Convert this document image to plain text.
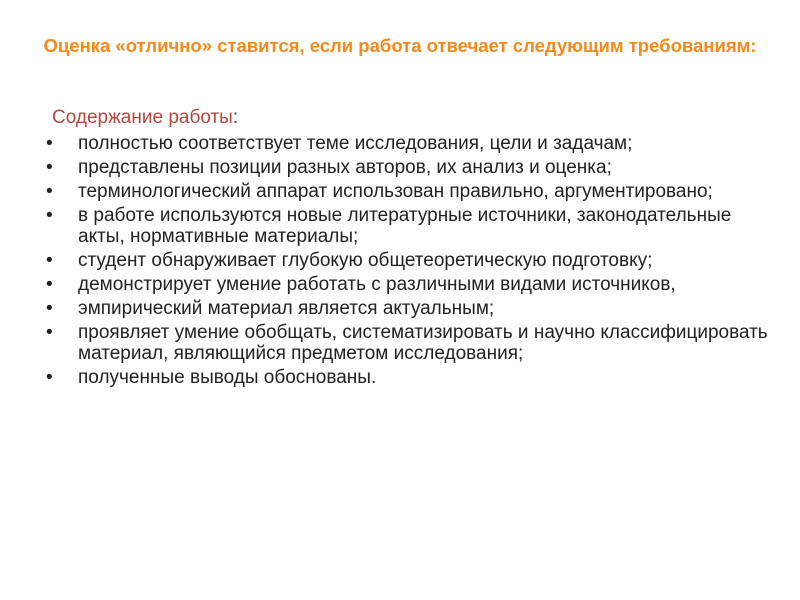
Оценка «отлично» ставится, если работа отвечает следующим требованиям:

Содержание работы:

• полностью соответствует теме исследования, цели и задачам;
• представлены позиции разных авторов, их анализ и оценка;
• терминологический аппарат использован правильно, аргументировано;
• в работе используются новые литературные источники, законодательные акты, нормативные материалы;
• студент обнаруживает глубокую общетеоретическую подготовку;
• демонстрирует умение работать с различными видами источников,
• эмпирический материал является актуальным;
• проявляет умение обобщать, систематизировать и научно классифицировать материал, являющийся предметом исследования;
• полученные выводы обоснованы.
